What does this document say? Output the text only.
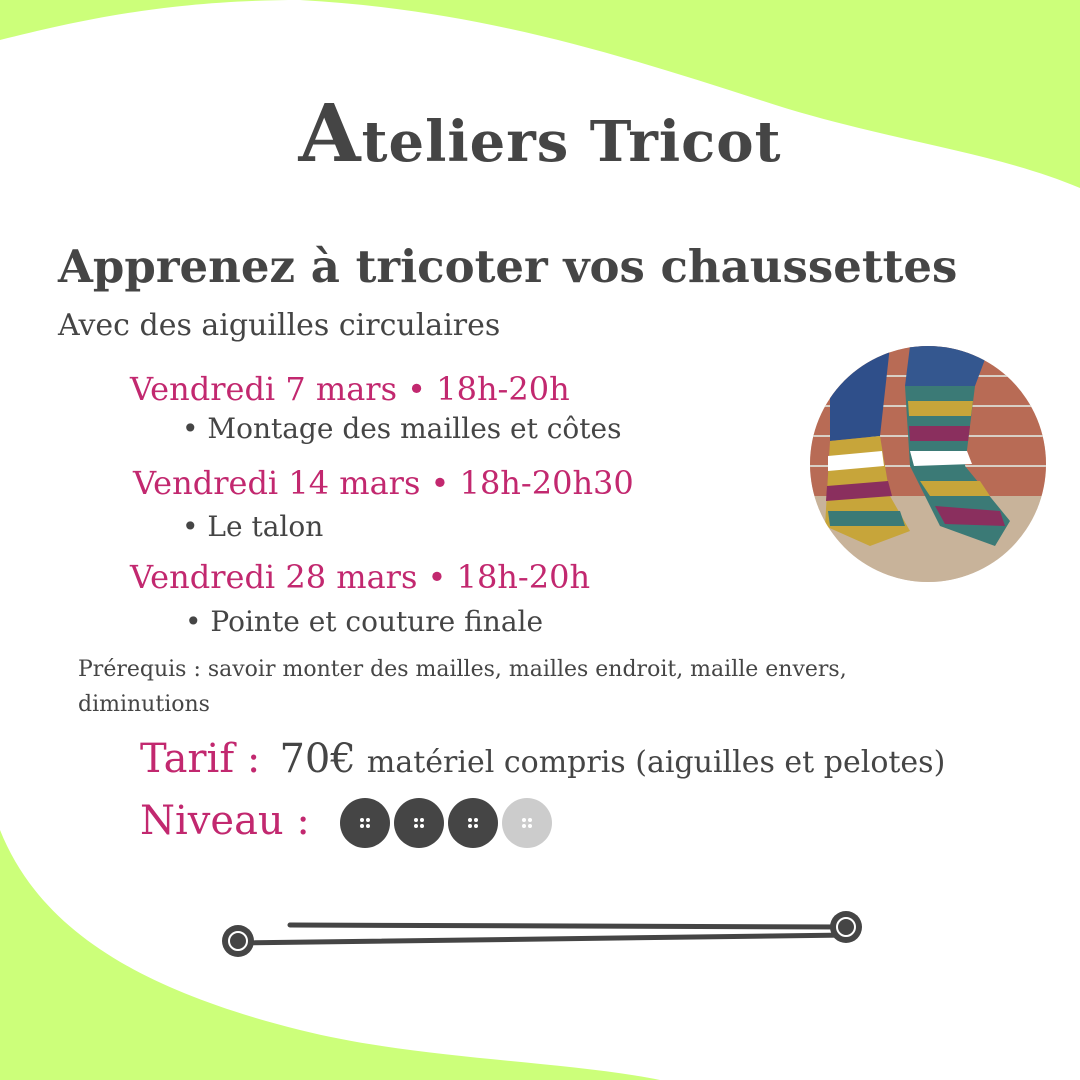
Ateliers Tricot
Apprenez à tricoter vos chaussettes
Avec des aiguilles circulaires
Vendredi 7 mars • 18h-20h
• Montage des mailles et côtes
Vendredi 14 mars • 18h-20h30
• Le talon
Vendredi 28 mars • 18h-20h
• Pointe et couture finale
Prérequis : savoir monter des mailles, mailles endroit, maille envers, diminutions
Tarif : 70€ matériel compris (aiguilles et pelotes)
Niveau :
